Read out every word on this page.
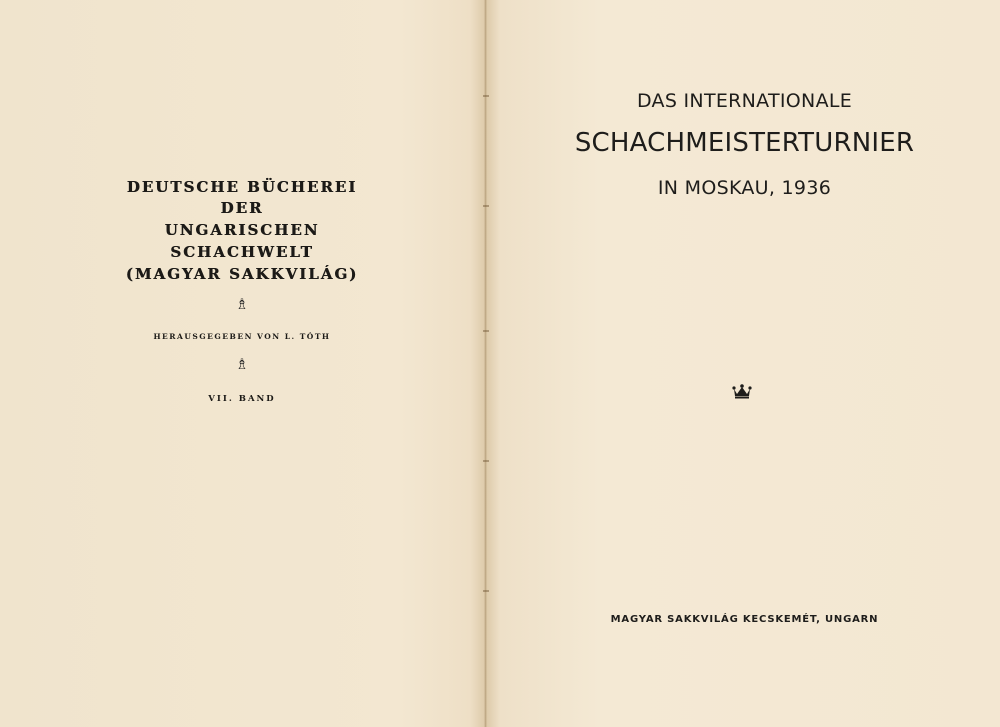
DEUTSCHE BÜCHEREI
DER
UNGARISCHEN
SCHACHWELT
(MAGYAR SAKKVILÁG)
♗
HERAUSGEGEBEN VON L. TÓTH
♗
VII. BAND
DAS INTERNATIONALE
SCHACHMEISTERTURNIER
IN MOSKAU, 1936
MAGYAR SAKKVILÁG KECSKEMÉT, UNGARN
